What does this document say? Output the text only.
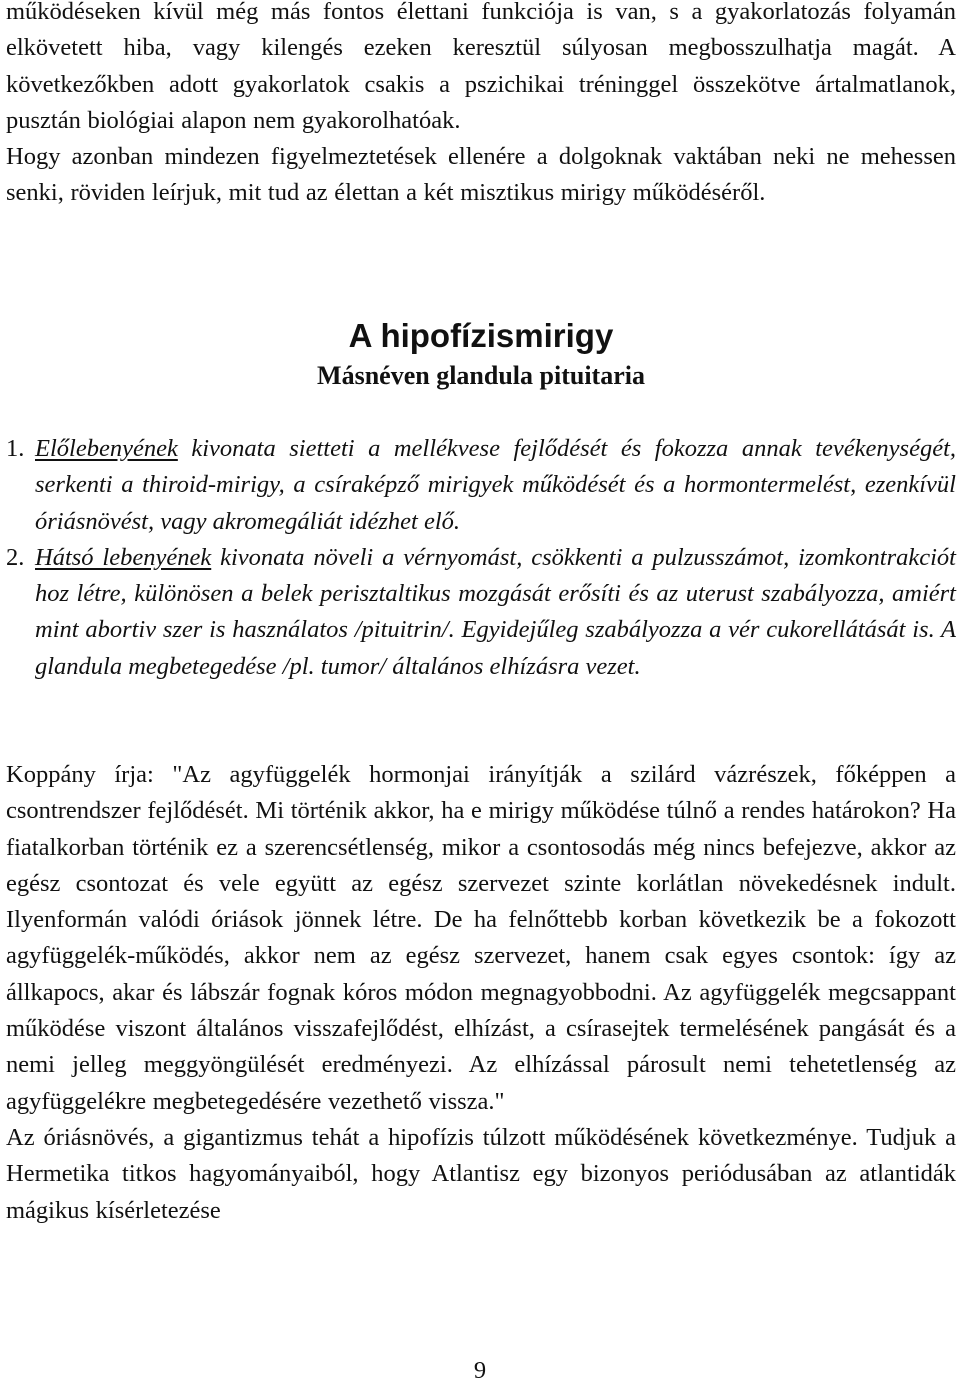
működéseken kívül még más fontos élettani funkciója is van, s a gyakorlatozás folyamán elkövetett hiba, vagy kilengés ezeken keresztül súlyosan megbosszulhatja magát. A következőkben adott gyakorlatok csakis a pszichikai tréninggel összekötve ártalmatlanok, pusztán biológiai alapon nem gyakorolhatóak.

Hogy azonban mindezen figyelmeztetések ellenére a dolgoknak vaktában neki ne mehessen senki, röviden leírjuk, mit tud az élettan a két misztikus mirigy működéséről.

A hipofízismirigy
Másnéven glandula pituitaria

1. Előlebenyének kivonata sietteti a mellékvese fejlődését és fokozza annak tevékenységét, serkenti a thiroid-mirigy, a csíraképző mirigyek működését és a hormontermelést, ezenkívül óriásnövést, vagy akromegáliát idézhet elő.

2. Hátsó lebenyének kivonata növeli a vérnyomást, csökkenti a pulzusszámot, izomkontrakciót hoz létre, különösen a belek perisztaltikus mozgását erősíti és az uterust szabályozza, amiért mint abortiv szer is használatos /pituitrin/. Egyidejűleg szabályozza a vér cukorellátását is. A glandula megbetegedése /pl. tumor/ általános elhízásra vezet.

Koppány írja: "Az agyfüggelék hormonjai irányítják a szilárd vázrészek, főképpen a csontrendszer fejlődését. Mi történik akkor, ha e mirigy működése túlnő a rendes határokon? Ha fiatalkorban történik ez a szerencsétlenség, mikor a csontosodás még nincs befejezve, akkor az egész csontozat és vele együtt az egész szervezet szinte korlátlan növekedésnek indult. Ilyenformán valódi óriások jönnek létre. De ha felnőttebb korban következik be a fokozott agyfüggelék-működés, akkor nem az egész szervezet, hanem csak egyes csontok: így az állkapocs, akar és lábszár fognak kóros módon megnagyobbodni. Az agyfüggelék megcsappant működése viszont általános visszafejlődést, elhízást, a csírasejtek termelésének pangását és a nemi jelleg meggyöngülését eredményezi. Az elhízással párosult nemi tehetetlenség az agyfüggelékre megbetegedésére vezethető vissza."

Az óriásnövés, a gigantizmus tehát a hipofízis túlzott működésének következménye. Tudjuk a Hermetika titkos hagyományaiból, hogy Atlantisz egy bizonyos periódusában az atlantidák mágikus kísérletezése

9
